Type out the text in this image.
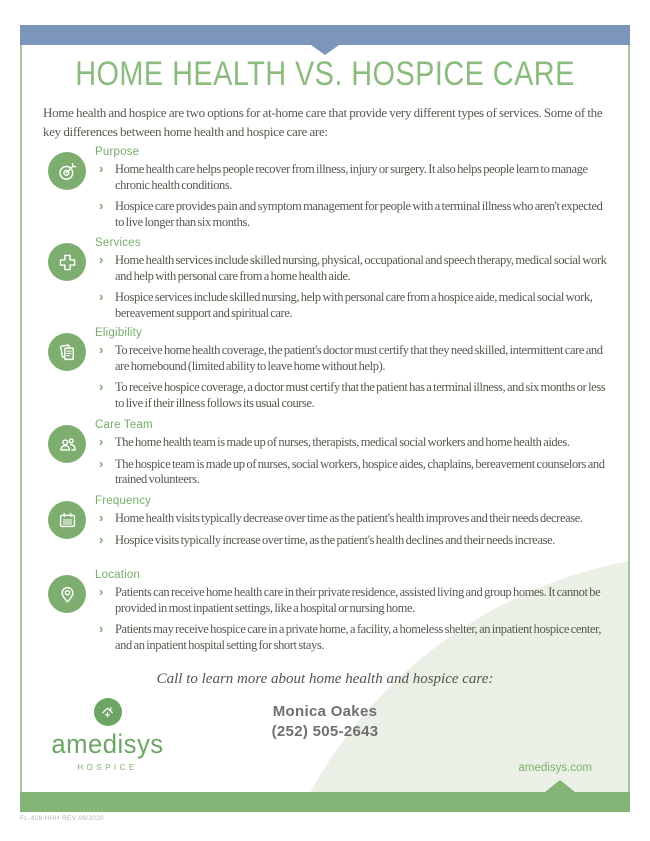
HOME HEALTH VS. HOSPICE CARE
Home health and hospice are two options for at-home care that provide very different types of services. Some of the key differences between home health and hospice care are:
Purpose
› Home health care helps people recover from illness, injury or surgery. It also helps people learn to manage chronic health conditions.
› Hospice care provides pain and symptom management for people with a terminal illness who aren't expected to live longer than six months.
Services
› Home health services include skilled nursing, physical, occupational and speech therapy, medical social work and help with personal care from a home health aide.
› Hospice services include skilled nursing, help with personal care from a hospice aide, medical social work, bereavement support and spiritual care.
Eligibility
› To receive home health coverage, the patient's doctor must certify that they need skilled, intermittent care and are homebound (limited ability to leave home without help).
› To receive hospice coverage, a doctor must certify that the patient has a terminal illness, and six months or less to live if their illness follows its usual course.
Care Team
› The home health team is made up of nurses, therapists, medical social workers and home health aides.
› The hospice team is made up of nurses, social workers, hospice aides, chaplains, bereavement counselors and trained volunteers.
Frequency
› Home health visits typically decrease over time as the patient's health improves and their needs decrease.
› Hospice visits typically increase over time, as the patient's health declines and their needs increase.
Location
› Patients can receive home health care in their private residence, assisted living and group homes. It cannot be provided in most inpatient settings, like a hospital or nursing home.
› Patients may receive hospice care in a private home, a facility, a homeless shelter, an inpatient hospice center, and an inpatient hospital setting for short stays.
Call to learn more about home health and hospice care:
amedisys
HOSPICE
Monica Oakes
(252) 505-2643
amedisys.com
FL-428-HHH REV 09/2020
